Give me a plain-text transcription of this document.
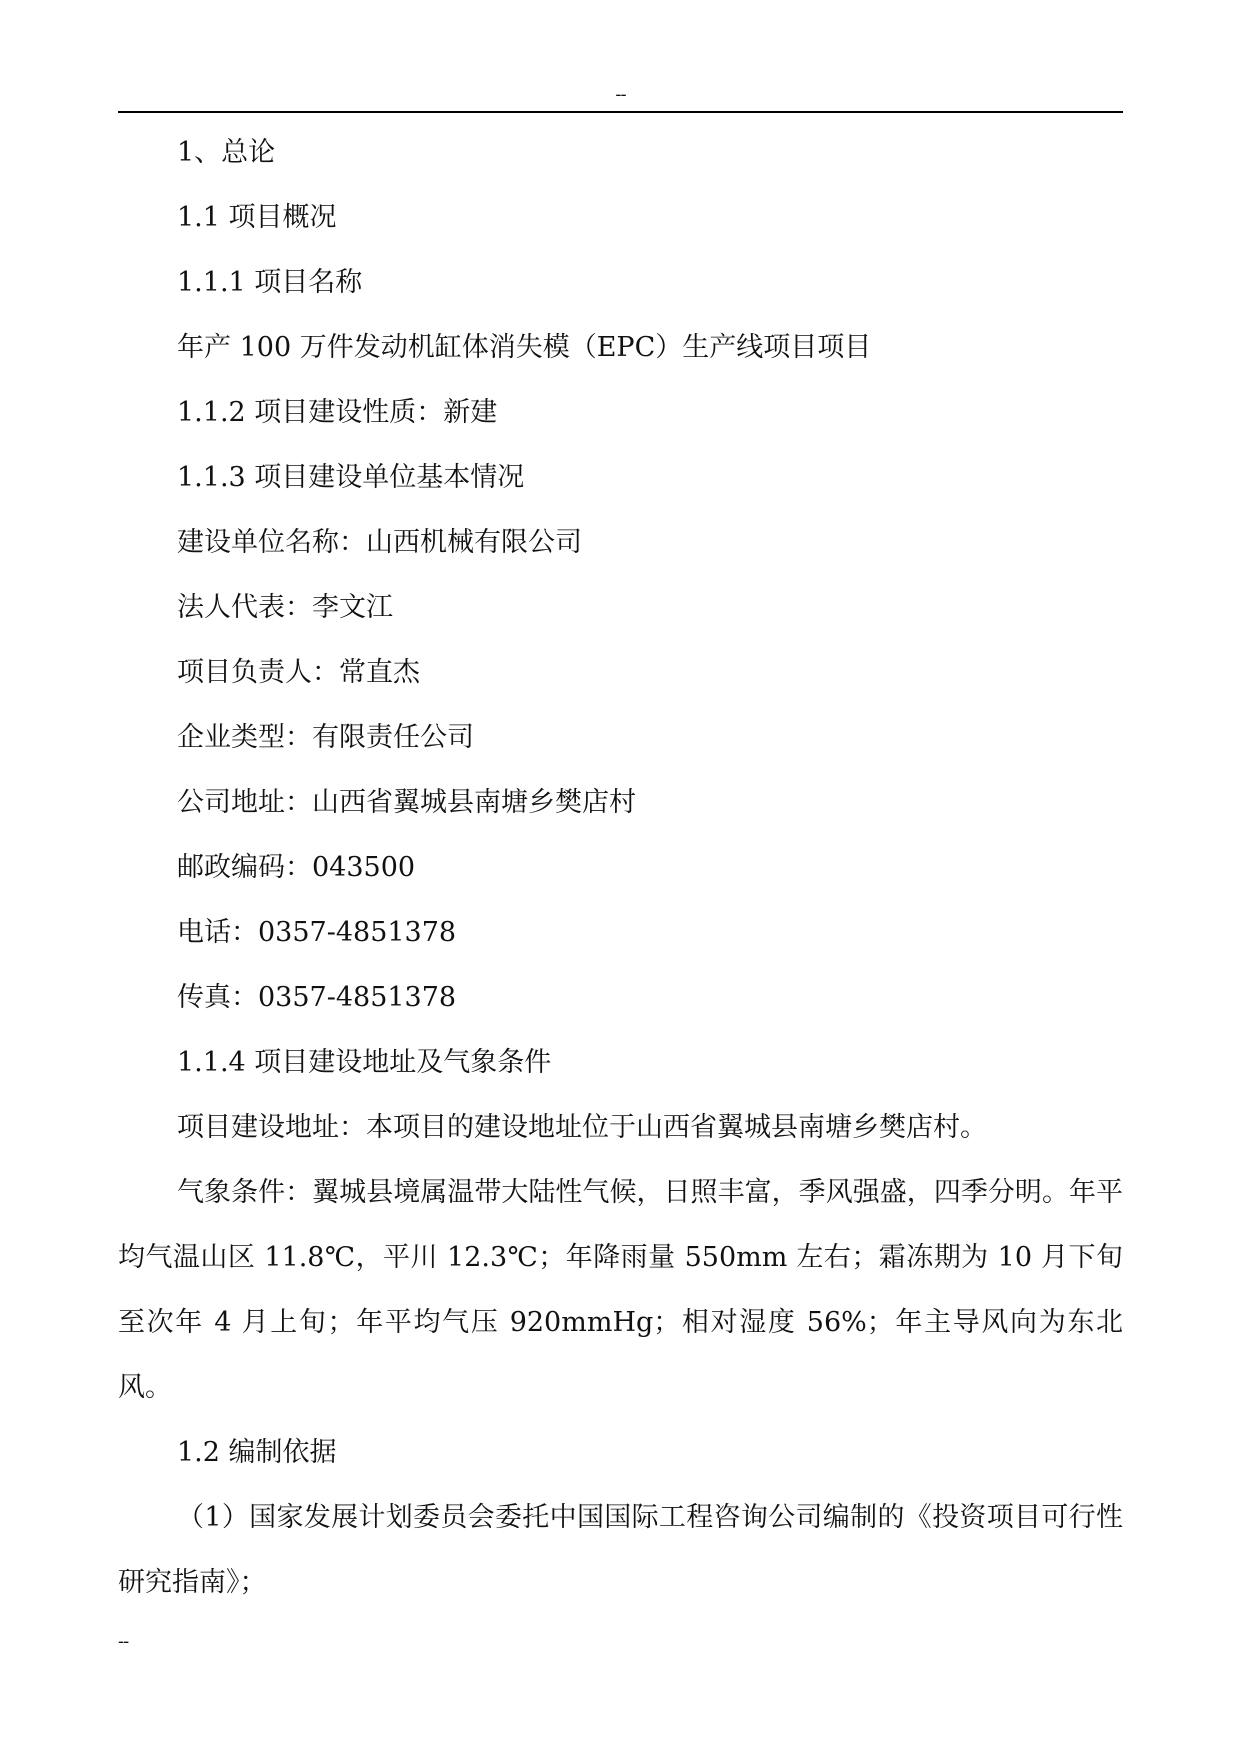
--

1、总论

1.1 项目概况

1.1.1 项目名称

年产 100 万件发动机缸体消失模（EPC）生产线项目项目

1.1.2 项目建设性质：新建

1.1.3 项目建设单位基本情况

建设单位名称：山西机械有限公司

法人代表：李文江

项目负责人：常直杰

企业类型：有限责任公司

公司地址：山西省翼城县南塘乡樊店村

邮政编码：043500

电话：0357-4851378

传真：0357-4851378

1.1.4 项目建设地址及气象条件

项目建设地址：本项目的建设地址位于山西省翼城县南塘乡樊店村。

气象条件：翼城县境属温带大陆性气候，日照丰富，季风强盛，四季分明。年平均气温山区 11.8℃，平川 12.3℃；年降雨量 550mm 左右；霜冻期为 10 月下旬至次年 4 月上旬；年平均气压 920mmHg；相对湿度 56%；年主导风向为东北风。

1.2 编制依据

（1）国家发展计划委员会委托中国国际工程咨询公司编制的《投资项目可行性研究指南》；

--
